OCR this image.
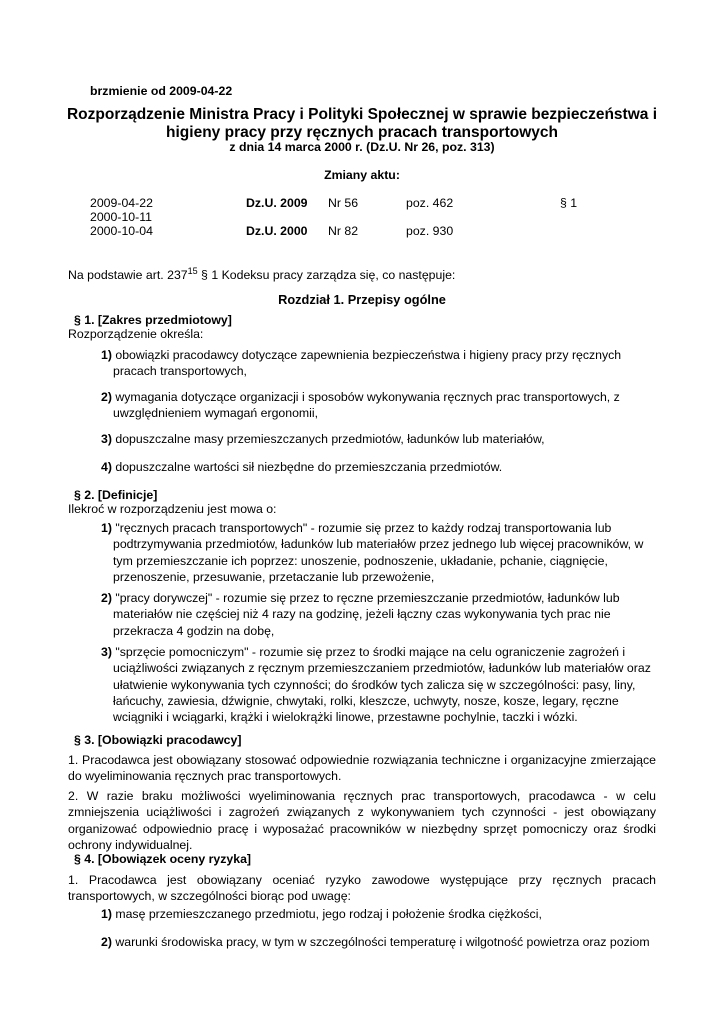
brzmienie od 2009-04-22
Rozporządzenie Ministra Pracy i Polityki Społecznej w sprawie bezpieczeństwa i
higieny pracy przy ręcznych pracach transportowych
z dnia 14 marca 2000 r. (Dz.U. Nr 26, poz. 313)
Zmiany aktu:
2009-04-22	Dz.U. 2009 Nr 56	poz. 462	§ 1
2000-10-11
2000-10-04	Dz.U. 2000 Nr 82	poz. 930
Na podstawie art. $237^{15}$ § 1 Kodeksu pracy zarządza się, co następuje:
Rozdział 1. Przepisy ogólne
§ 1. [Zakres przedmiotowy]
Rozporządzenie określa:
1) obowiązki pracodawcy dotyczące zapewnienia bezpieczeństwa i higieny pracy przy ręcznych
pracach transportowych,
2) wymagania dotyczące organizacji i sposobów wykonywania ręcznych prac transportowych, z
uwzględnieniem wymagań ergonomii,
3) dopuszczalne masy przemieszczanych przedmiotów, ładunków lub materiałów,
4) dopuszczalne wartości sił niezbędne do przemieszczania przedmiotów.
§ 2. [Definicje]
Ilekroć w rozporządzeniu jest mowa o:
1) "ręcznych pracach transportowych" - rozumie się przez to każdy rodzaj transportowania lub
podtrzymywania przedmiotów, ładunków lub materiałów przez jednego lub więcej pracowników, w
tym przemieszczanie ich poprzez: unoszenie, podnoszenie, układanie, pchanie, ciągnięcie,
przenoszenie, przesuwanie, przetaczanie lub przewożenie,
2) "pracy dorywczej" - rozumie się przez to ręczne przemieszczanie przedmiotów, ładunków lub
materiałów nie częściej niż 4 razy na godzinę, jeżeli łączny czas wykonywania tych prac nie
przekracza 4 godzin na dobę,
3) "sprzęcie pomocniczym" - rozumie się przez to środki mające na celu ograniczenie zagrożeń i
uciążliwości związanych z ręcznym przemieszczaniem przedmiotów, ładunków lub materiałów oraz
ułatwienie wykonywania tych czynności; do środków tych zalicza się w szczególności: pasy, liny,
łańcuchy, zawiesia, dźwignie, chwytaki, rolki, kleszcze, uchwyty, nosze, kosze, legary, ręczne
wciągniki i wciągarki, krążki i wielokrążki linowe, przestawne pochylnie, taczki i wózki.
§ 3. [Obowiązki pracodawcy]
1. Pracodawca jest obowiązany stosować odpowiednie rozwiązania techniczne i organizacyjne zmierzające do wyeliminowania ręcznych prac transportowych.
2. W razie braku możliwości wyeliminowania ręcznych prac transportowych, pracodawca - w celu zmniejszenia uciążliwości i zagrożeń związanych z wykonywaniem tych czynności - jest obowiązany organizować odpowiednio pracę i wyposażać pracowników w niezbędny sprzęt pomocniczy oraz środki ochrony indywidualnej.
§ 4. [Obowiązek oceny ryzyka]
1. Pracodawca jest obowiązany oceniać ryzyko zawodowe występujące przy ręcznych pracach transportowych, w szczególności biorąc pod uwagę:
1) masę przemieszczanego przedmiotu, jego rodzaj i położenie środka ciężkości,
2) warunki środowiska pracy, w tym w szczególności temperaturę i wilgotność powietrza oraz poziom
